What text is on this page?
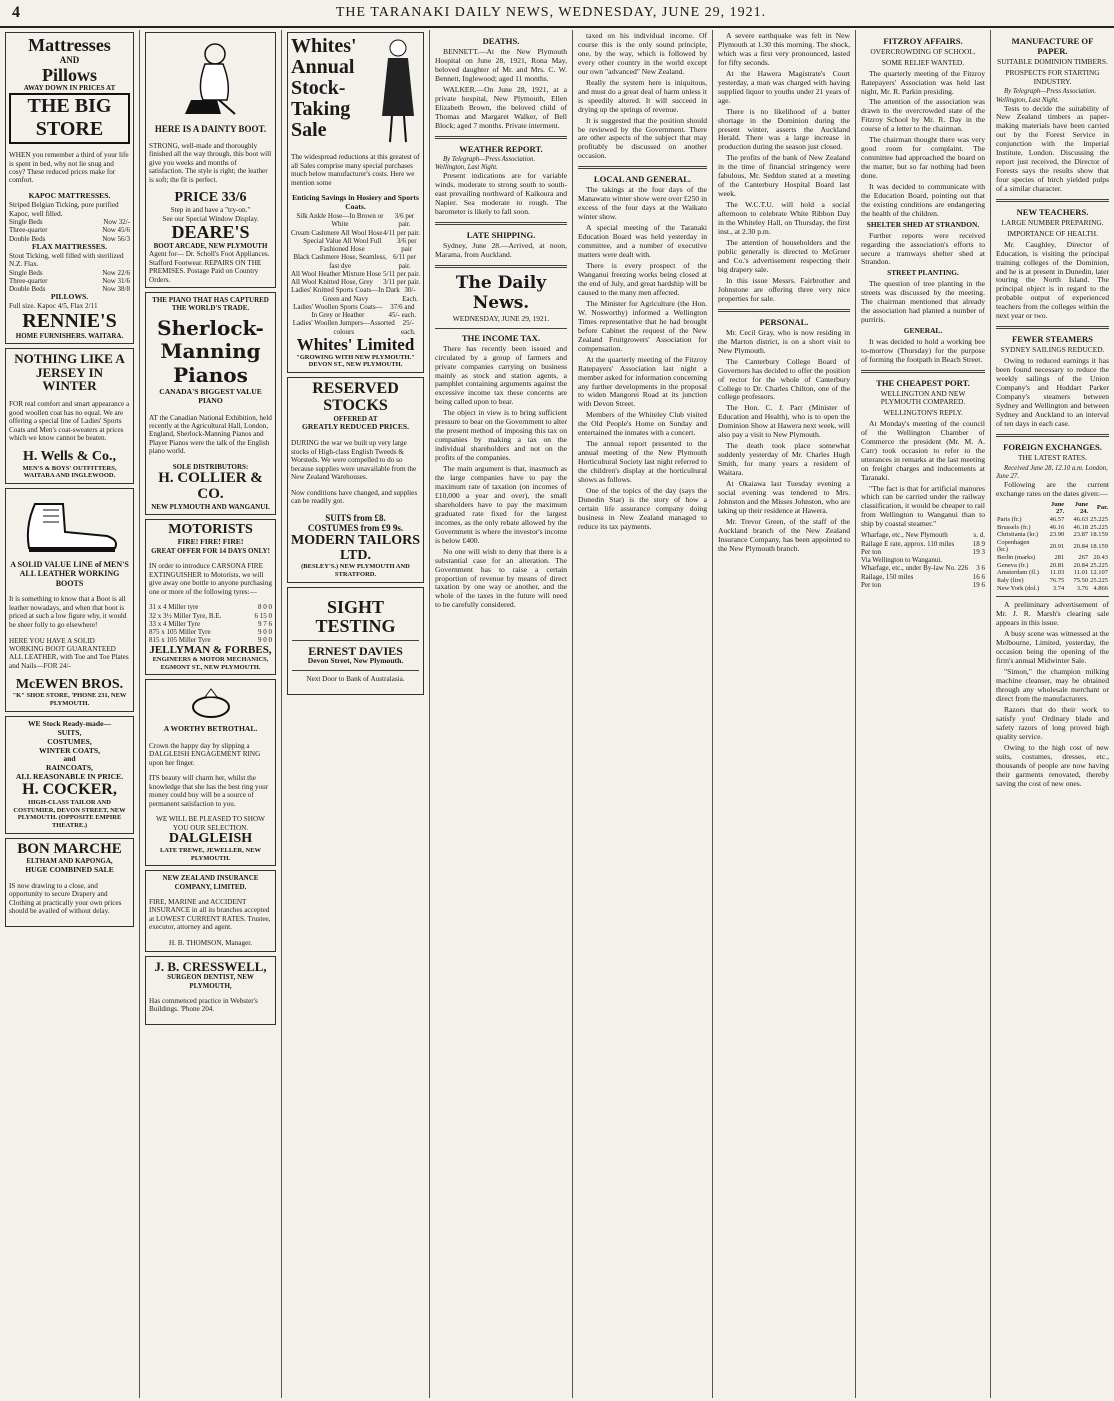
4	THE TARANAKI DAILY NEWS, WEDNESDAY, JUNE 29, 1921.
Mattresses
AND
Pillows
AWAY DOWN IN PRICES AT
THE BIG STORE

WHEN you remember a third of your life is spent in bed, why not lie snug and cosy? These reduced prices make for comfort.

KAPOC MATTRESSES.
Striped Belgian Ticking, pure purified Kapoc, well filled.
Single Beds	Now 32/-
Three-quarter	Now 45/6
Double Beds	Now 56/3
FLAX MATTRESSES.
Stout Ticking, well filled with sterilized N.Z. Flax.
Single Beds	Now 22/6
Three-quarter	Now 31/6
Double Beds	Now 38/8
PILLOWS.
Full size. Kapoc 4/5, Flax 2/11
RENNIE'S
HOME FURNISHERS. WAITARA.
NOTHING LIKE A JERSEY IN WINTER

FOR real comfort and smart appearance a good woollen coat has no equal. We are offering a special line of Ladies' Sports Coats and Men's coat-sweaters at prices which we know cannot be beaten.

H. Wells & Co.,
MEN'S & BOYS' OUTFITTERS, WAITARA AND INGLEWOOD.
A SOLID VALUE LINE of MEN'S ALL LEATHER WORKING BOOTS

It is something to know that a Boot is all leather nowadays, and when that boot is priced at such a low figure why, it would be sheer folly to go elsewhere!

HERE YOU HAVE A SOLID WORKING BOOT GUARANTEED ALL LEATHER, with Toe and Toe Plates and Nails—FOR 24/-

McEWEN BROS.
"K" SHOE STORE, 'PHONE 231, NEW PLYMOUTH.
WE Stock Ready-made—
SUITS,
COSTUMES,
WINTER COATS,
and
RAINCOATS,
ALL REASONABLE IN PRICE.
H. COCKER,
HIGH-CLASS TAILOR AND COSTUMIER, DEVON STREET, NEW PLYMOUTH. (OPPOSITE EMPIRE THEATRE.)
BON MARCHE
ELTHAM AND KAPONGA,
HUGE COMBINED SALE

IS now drawing to a close, and opportunity to secure Drapery and Clothing at practically your own prices should be availed of without delay.

HERE IS A DAINTY BOOT.

STRONG, well-made and thoroughly finished all the way through, this boot will give you weeks and months of satisfaction. The style is right; the leather is soft; the fit is perfect.

PRICE 33/6
Step in and have a "try-on."
See our Special Window Display.
DEARE'S
BOOT ARCADE, NEW PLYMOUTH
Agent for— Dr. Scholl's Foot Appliances. Stafford Footwear. REPAIRS ON THE PREMISES. Postage Paid on Country Orders.
THE PIANO THAT HAS CAPTURED THE WORLD'S TRADE.
Sherlock-Manning Pianos
CANADA'S BIGGEST VALUE PIANO

AT the Canadian National Exhibition, held recently at the Agricultural Hall, London, England, Sherlock-Manning Pianos and Player Pianos were the talk of the English piano world.

SOLE DISTRIBUTORS:
H. COLLIER & CO.
NEW PLYMOUTH AND WANGANUI.
MOTORISTS
FIRE! FIRE! FIRE!
GREAT OFFER FOR 14 DAYS ONLY!

IN order to introduce CARSONA FIRE EXTINGUISHER to Motorists, we will give away one bottle to anyone purchasing one or more of the following tyres:—

31 x 4 Miller tyre	8 0 0
32 x 3½ Miller Tyre, B.E.	6 15 0
33 x 4 Miller Tyre	9 7 6
875 x 105 Miller Tyre	9 0 0
815 x 105 Miller Tyre	9 0 0
JELLYMAN & FORBES,
ENGINEERS & MOTOR MECHANICS, EGMONT ST., NEW PLYMOUTH.
A WORTHY BETROTHAL.

Crown the happy day by slipping a DALGLEISH ENGAGEMENT RING upon her finger.

ITS beauty will charm her, whilst the knowledge that she has the best ring your money could buy will be a source of permanent satisfaction to you.

WE WILL BE PLEASED TO SHOW YOU OUR SELECTION.
DALGLEISH
LATE TREWE, JEWELLER, NEW PLYMOUTH.
NEW ZEALAND INSURANCE COMPANY, LIMITED.

FIRE, MARINE and ACCIDENT INSURANCE in all its branches accepted at LOWEST CURRENT RATES. Trustee, executor, attorney and agent.

H. B. THOMSON, Manager.
J. B. CRESSWELL,
SURGEON DENTIST, NEW PLYMOUTH,

Has commenced practice in Webster's Buildings. 'Phone 204.

Whites' Annual Stock-Taking Sale

The widespread reductions at this greatest of all Sales comprise many special purchases much below manufacturer's costs. Here we mention some

Enticing Savings in Hosiery and Sports Coats.
Silk Ankle Hose—In Brown or White
3/6 per pair.
Cream Cashmere All Wool Hose 4/11 per pair.
Special Value All Wool Full Fashioned Hose
3/6 per pair
Black Cashmere Hose, Seamless, fast dye
6/11 per pair.
All Wool Heather Mixture Hose 5/11 per pair.
All Wool Knitted Hose, Grey 3/11 per pair.
Ladies' Knitted Sports Coats—In Dark Green and Navy
30/- Each.
Ladies' Woollen Sports Coats—In Grey or Heather
37/6 and 45/- each.
Ladies' Woollen Jumpers—Assorted colours
25/- each.
Whites' Limited
"GROWING WITH NEW PLYMOUTH." DEVON ST., NEW PLYMOUTH.
RESERVED STOCKS
OFFERED AT
GREATLY REDUCED PRICES.

DURING the war we built up very large stocks of High-class English Tweeds & Worsteds. We were compelled to do so because supplies were unavailable from the New Zealand Warehouses.

Now conditions have changed, and supplies can be readily got.

SUITS from £8.
COSTUMES from £9 9s.
MODERN TAILORS LTD.
(BESLEY'S.) NEW PLYMOUTH AND STRATFORD.
SIGHT TESTING
ERNEST DAVIES
Devon Street, New Plymouth.
Next Door to Bank of Australasia.
DEATHS.

BENNETT.—At the New Plymouth Hospital on June 28, 1921, Rona May, beloved daughter of Mr. and Mrs. C. W. Bennett, Inglewood; aged 11 months.

WALKER.—On June 28, 1921, at a private hospital, New Plymouth, Ellen Elizabeth Brown, the beloved child of Thomas and Margaret Walker, of Bell Block; aged 7 months. Private interment.

WEATHER REPORT.
By Telegraph—Press Association. Wellington, Last Night.

Present indications are for variable winds, moderate to strong south to south-east prevailing northward of Kaikoura and Napier. Sea moderate to rough. The barometer is likely to fall soon.

LATE SHIPPING.

Sydney, June 28.—Arrived, at noon, Marama, from Auckland.

The Daily News.
WEDNESDAY, JUNE 29, 1921.
THE INCOME TAX.

There has recently been issued and circulated by a group of farmers and private companies carrying on business mainly as stock and station agents, a pamphlet containing arguments against the excessive income tax these concerns are being called upon to bear.

The object in view is to bring sufficient pressure to bear on the Government to alter the present method of imposing this tax on companies by making a tax on the individual shareholders and not on the profits of the companies.

The main argument is that, inasmuch as the large companies have to pay the maximum rate of taxation (on incomes of £10,000 a year and over), the small shareholders have to pay the maximum graduated rate fixed for the largest incomes, as the only rebate allowed by the Government is where the investor's income is below £400.

No one will wish to deny that there is a substantial case for an alteration. The Government has to raise a certain proportion of revenue by means of direct taxation by one way or another, and the whole of the taxes in the future will need to be carefully considered.

taxed on his individual income. Of course this is the only sound principle, one, by the way, which is followed by every other country in the world except our own "advanced" New Zealand.

Really the system here is iniquitous, and must do a great deal of harm unless it is speedily altered. It will succeed in drying up the springs of revenue.

It is suggested that the position should be reviewed by the Government. There are other aspects of the subject that may profitably be discussed on another occasion.

LOCAL AND GENERAL.

The takings at the four days of the Manawatu winter show were over £250 in excess of the four days at the Waikato winter show.

A special meeting of the Taranaki Education Board was held yesterday in committee, and a number of executive matters were dealt with.

There is every prospect of the Wanganui freezing works being closed at the end of July, and great hardship will be caused to the many men affected.

The Minister for Agriculture (the Hon. W. Nosworthy) informed a Wellington Times representative that he had brought before Cabinet the request of the New Zealand Fruitgrowers' Association for compensation.

At the quarterly meeting of the Fitzroy Ratepayers' Association last night a member asked for information concerning any further developments in the proposal to widen Mangorei Road at its junction with Devon Street.

Members of the Whiteley Club visited the Old People's Home on Sunday and entertained the inmates with a concert.

The annual report presented to the annual meeting of the New Plymouth Horticultural Society last night referred to the children's display at the horticultural shows as follows.

One of the topics of the day (says the Dunedin Star) is the story of how a certain life assurance company doing business in New Zealand managed to reduce its tax payments.

A severe earthquake was felt in New Plymouth at 1.30 this morning. The shock, which was a first very pronounced, lasted for fifty seconds.

At the Hawera Magistrate's Court yesterday, a man was charged with having supplied liquor to youths under 21 years of age.

There is no likelihood of a butter shortage in the Dominion during the present winter, asserts the Auckland Herald. There was a large increase in production during the season just closed.

The profits of the bank of New Zealand in the time of financial stringency were fabulous, Mr. Seddon stated at a meeting of the Canterbury Hospital Board last week.

The W.C.T.U. will hold a social afternoon to celebrate White Ribbon Day in the Whiteley Hall, on Thursday, the first inst., at 2.30 p.m.

The attention of householders and the public generally is directed to McGruer and Co.'s advertisement respecting their big drapery sale.

In this issue Messrs. Fairbrother and Johnstone are offering three very nice properties for sale.

PERSONAL.

Mr. Cecil Gray, who is now residing in the Marton district, is on a short visit to New Plymouth.

The Canterbury College Board of Governors has decided to offer the position of rector for the whole of Canterbury College to Dr. Charles Chilton, one of the college professors.

The Hon. C. J. Parr (Minister of Education and Health), who is to open the Dominion Show at Hawera next week, will also pay a visit to New Plymouth.

The death took place somewhat suddenly yesterday of Mr. Charles Hugh Smith, for many years a resident of Waitara.

At Okaiawa last Tuesday evening a social evening was tendered to Mrs. Johnston and the Misses Johnston, who are taking up their residence at Hawera.

Mr. Trevor Green, of the staff of the Auckland branch of the New Zealand Insurance Company, has been appointed to the New Plymouth branch.

FITZROY AFFAIRS.
OVERCROWDING OF SCHOOL.
SOME RELIEF WANTED.

The quarterly meeting of the Fitzroy Ratepayers' Association was held last night, Mr. R. Parkin presiding.

The attention of the association was drawn to the overcrowded state of the Fitzroy School by Mr. R. Day in the course of a letter to the chairman.

The chairman thought there was very good room for complaint. The committee had approached the board on the matter, but so far nothing had been done.

It was decided to communicate with the Education Board, pointing out that the existing conditions are endangering the health of the children.

SHELTER SHED AT STRANDON.

Further reports were received regarding the association's efforts to secure a tramways shelter shed at Strandon.

STREET PLANTING.

The question of tree planting in the streets was discussed by the meeting. The chairman mentioned that already the association had planted a number of purriris.

GENERAL.

It was decided to hold a working bee to-morrow (Thursday) for the purpose of forming the footpath in Beach Street.

THE CHEAPEST PORT.
WELLINGTON AND NEW PLYMOUTH COMPARED.
WELLINGTON'S REPLY.

At Monday's meeting of the council of the Wellington Chamber of Commerce the president (Mr. M. A. Carr) took occasion to refer to the utterances in remarks at the last meeting on freight charges and inducements at Taranaki.

"The fact is that for artificial manures which can be carried under the railway classification, it would be cheaper to rail from Wellington to Wanganui than to ship by coastal steamer."

Wharfage, etc., New Plymouth	s. d.
Railage E rate, approx. 110 miles	18 9
Per ton	19 3
Via Wellington to Wanganui.
Wharfage, etc., under By-law No. 226 3 6
Railage, 150 miles	16 6
Per ton	19 6
MANUFACTURE OF PAPER.
SUITABLE DOMINION TIMBERS.
PROSPECTS FOR STARTING INDUSTRY.
By Telegraph—Press Association. Wellington, Last Night.

Tests to decide the suitability of New Zealand timbers as paper-making materials have been carried out by the Forest Service in conjunction with the Imperial Institute, London. Discussing the report just received, the Director of Forests says the results show that four species of birch yielded pulps of a similar character.

NEW TEACHERS.
LARGE NUMBER PREPARING.
IMPORTANCE OF HEALTH.

Mr. Caughley, Director of Education, is visiting the principal training colleges of the Dominion, and he is at present in Dunedin, later touring the North Island. The principal object is in regard to the probable output of experienced teachers from the colleges within the next year or two.

FEWER STEAMERS
SYDNEY SAILINGS REDUCED.

Owing to reduced earnings it has been found necessary to reduce the weekly sailings of the Union Company's and Huddart Parker Company's steamers between Sydney and Wellington and between Sydney and Auckland to an interval of ten days in each case.

FOREIGN EXCHANGES.
THE LATEST RATES.
Received June 28, 12.10 a.m. London, June 27.

Following are the current exchange rates on the dates given:—

	June 27.	June 24.	Par.
Paris (fr.)	46.57	46.63	25.225
Brussels (fr.)	46.16	46.18	25.225
Christiania (kr.)	23.90	23.87	18.159
Copenhagen (kr.)	20.91	20.84	18.159
Berlin (marks)	281	267	20.43
Geneva (fr.)	20.81	20.84	25.225
Amsterdam (fl.)	11.03	11.01	12.107
Italy (lire)	76.75	75.50	25.225
New York (dol.)	3.74	3.76	4.866

A preliminary advertisement of Mr. J. R. Marsh's clearing sale appears in this issue.

A busy scene was witnessed at the Melbourne, Limited, yesterday, the occasion being the opening of the firm's annual Midwinter Sale.

"Simon," the champion milking machine cleanser, may be obtained through any wholesale merchant or direct from the manufacturers.

Razors that do their work to satisfy you! Ordinary blade and safety razors of long proved high quality service.

Owing to the high cost of new suits, costumes, dresses, etc., thousands of people are now having their garments renovated, thereby saving the cost of new ones.
